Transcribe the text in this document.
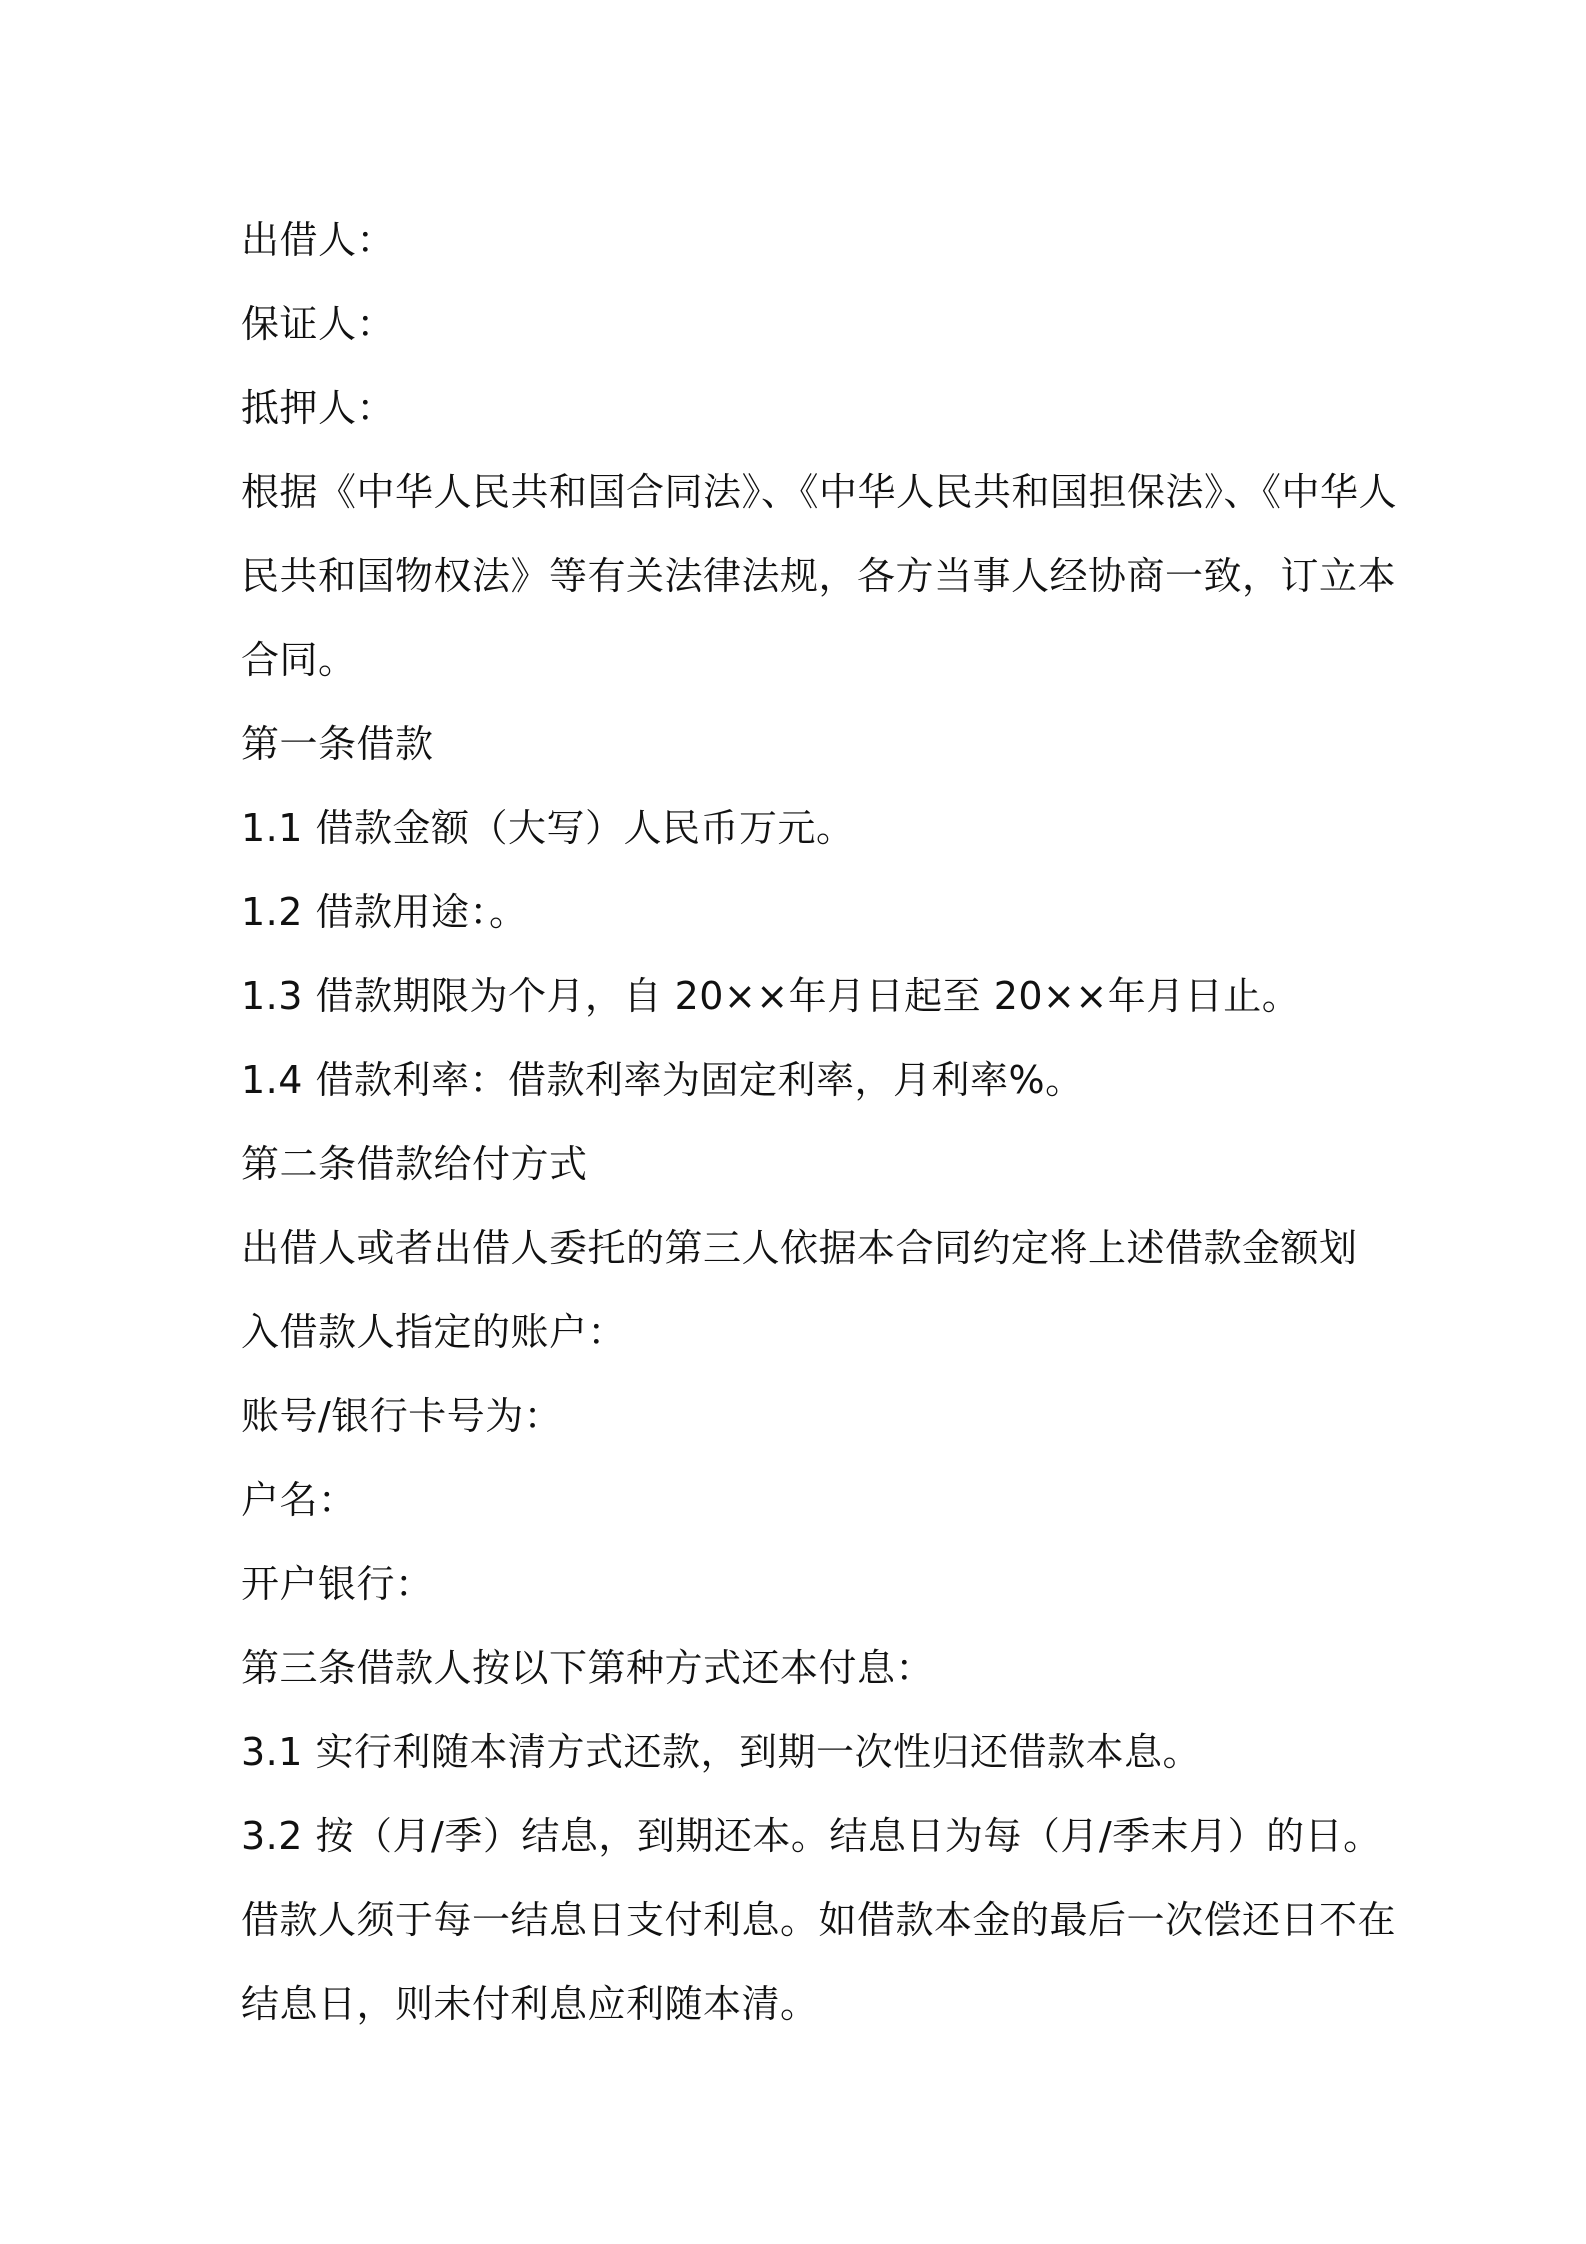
出借人：
保证人：
抵押人：
根据《中华人民共和国合同法》、《中华人民共和国担保法》、《中华人
民共和国物权法》等有关法律法规，各方当事人经协商一致，订立本
合同。
第一条借款
1.1 借款金额（大写）人民币万元。
1.2 借款用途：。
1.3 借款期限为个月，自 20××年月日起至 20××年月日止。
1.4 借款利率：借款利率为固定利率，月利率%。
第二条借款给付方式
出借人或者出借人委托的第三人依据本合同约定将上述借款金额划
入借款人指定的账户：
账号/银行卡号为：
户名：
开户银行：
第三条借款人按以下第种方式还本付息：
3.1 实行利随本清方式还款，到期一次性归还借款本息。
3.2 按（月/季）结息，到期还本。结息日为每（月/季末月）的日。
借款人须于每一结息日支付利息。如借款本金的最后一次偿还日不在
结息日，则未付利息应利随本清。
